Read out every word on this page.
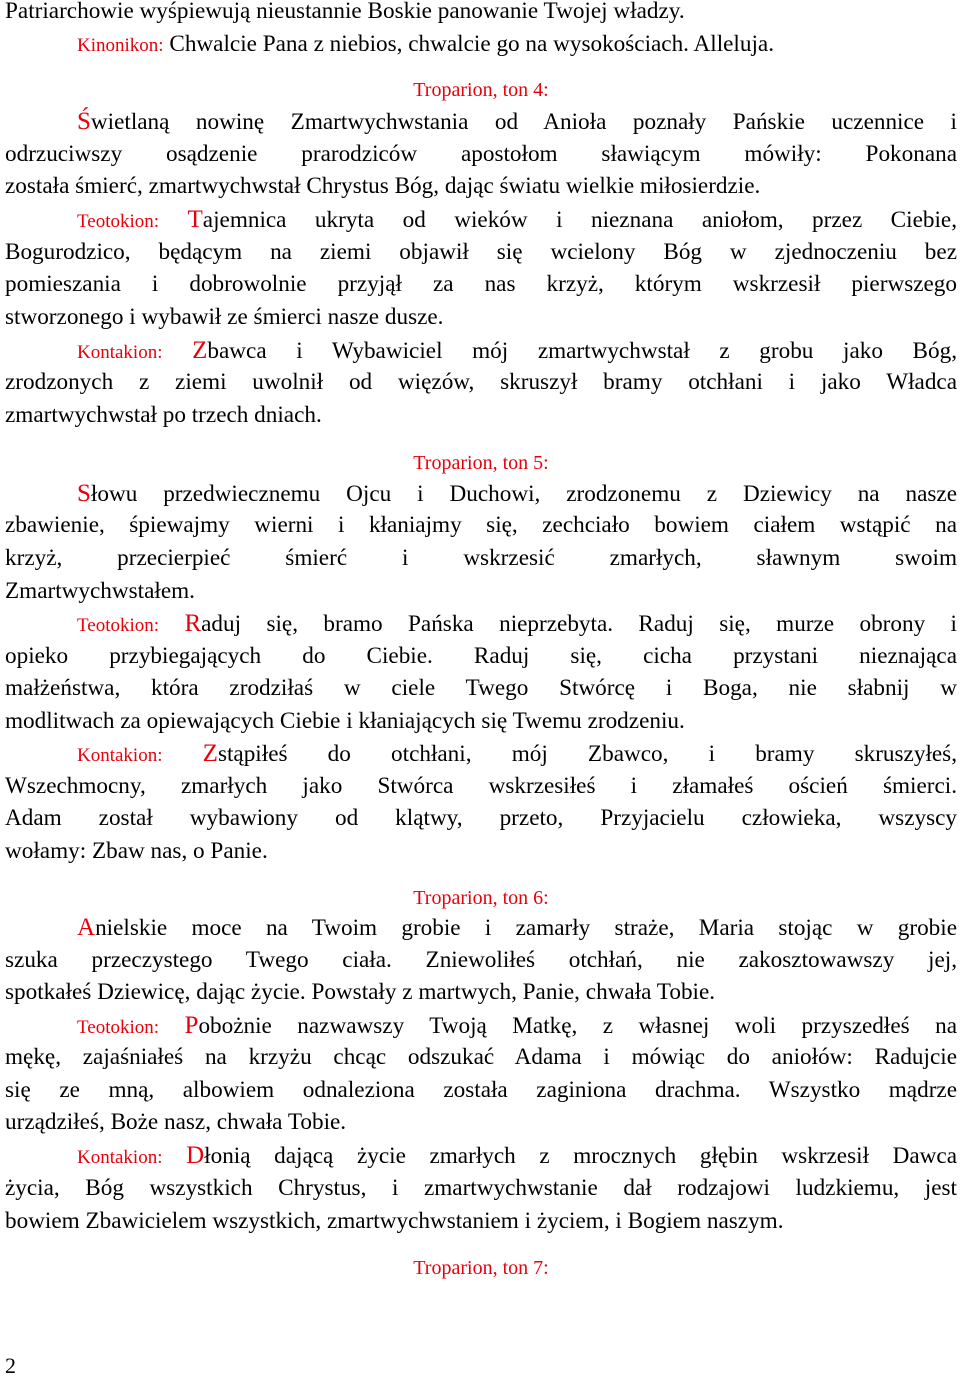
Patriarchowie wyśpiewują nieustannie Boskie panowanie Twojej władzy.
Kinonikon: Chwalcie Pana z niebios, chwalcie go na wysokościach. Alleluja.
Troparion, ton 4:
Świetlaną nowinę Zmartwychwstania od Anioła poznały Pańskie uczennice i
odrzuciwszy osądzenie prarodziców apostołom sławiącym mówiły: Pokonana
została śmierć, zmartwychwstał Chrystus Bóg, dając światu wielkie miłosierdzie.
Teotokion: Tajemnica ukryta od wieków i nieznana aniołom, przez Ciebie,
Bogurodzico, będącym na ziemi objawił się wcielony Bóg w zjednoczeniu bez
pomieszania i dobrowolnie przyjął za nas krzyż, którym wskrzesił pierwszego
stworzonego i wybawił ze śmierci nasze dusze.
Kontakion: Zbawca i Wybawiciel mój zmartwychwstał z grobu jako Bóg,
zrodzonych z ziemi uwolnił od więzów, skruszył bramy otchłani i jako Władca
zmartwychwstał po trzech dniach.
Troparion, ton 5:
Słowu przedwiecznemu Ojcu i Duchowi, zrodzonemu z Dziewicy na nasze
zbawienie, śpiewajmy wierni i kłaniajmy się, zechciało bowiem ciałem wstąpić na
krzyż, przecierpieć śmierć i wskrzesić zmarłych, sławnym swoim
Zmartwychwstałem.
Teotokion: Raduj się, bramo Pańska nieprzebyta. Raduj się, murze obrony i
opieko przybiegających do Ciebie. Raduj się, cicha przystani nieznająca
małżeństwa, która zrodziłaś w ciele Twego Stwórcę i Boga, nie słabnij w
modlitwach za opiewających Ciebie i kłaniających się Twemu zrodzeniu.
Kontakion: Zstąpiłeś do otchłani, mój Zbawco, i bramy skruszyłeś,
Wszechmocny, zmarłych jako Stwórca wskrzesiłeś i złamałeś oścień śmierci.
Adam został wybawiony od klątwy, przeto, Przyjacielu człowieka, wszyscy
wołamy: Zbaw nas, o Panie.
Troparion, ton 6:
Anielskie moce na Twoim grobie i zamarły straże, Maria stojąc w grobie
szuka przeczystego Twego ciała. Zniewoliłeś otchłań, nie zakosztowawszy jej,
spotkałeś Dziewicę, dając życie. Powstały z martwych, Panie, chwała Tobie.
Teotokion: Pobożnie nazwawszy Twoją Matkę, z własnej woli przyszedłeś na
mękę, zajaśniałeś na krzyżu chcąc odszukać Adama i mówiąc do aniołów: Radujcie
się ze mną, albowiem odnaleziona została zaginiona drachma. Wszystko mądrze
urządziłeś, Boże nasz, chwała Tobie.
Kontakion: Dłonią dającą życie zmarłych z mrocznych głębin wskrzesił Dawca
życia, Bóg wszystkich Chrystus, i zmartwychwstanie dał rodzajowi ludzkiemu, jest
bowiem Zbawicielem wszystkich, zmartwychwstaniem i życiem, i Bogiem naszym.
Troparion, ton 7:
2
